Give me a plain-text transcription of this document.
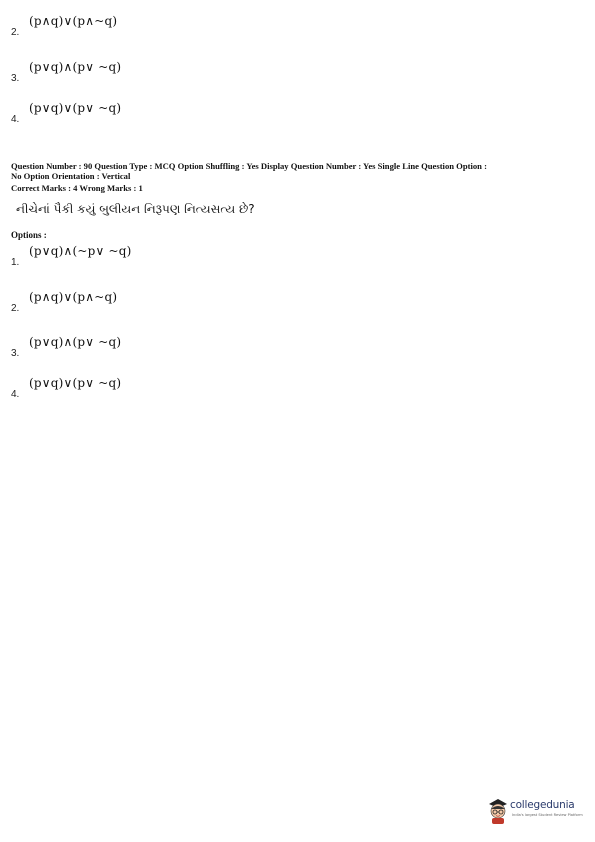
2.
(p∧q)∨(p∧~q)
3.
(p∨q)∧(p∨ ~q)
4.
(p∨q)∨(p∨ ~q)
Question Number : 90 Question Type : MCQ Option Shuffling : Yes Display Question Number : Yes Single Line Question Option :
No Option Orientation : Vertical
Correct Marks : 4 Wrong Marks : 1
નીચેનાં પૈકી કયું બુલીયન નિરૂપણ નિત્યસત્ય છે?
Options :
1.
(p∨q)∧(~p∨ ~q)
2.
(p∧q)∨(p∧~q)
3.
(p∨q)∧(p∨ ~q)
4.
(p∨q)∨(p∨ ~q)
collegedunia
India's largest Student Review Platform
